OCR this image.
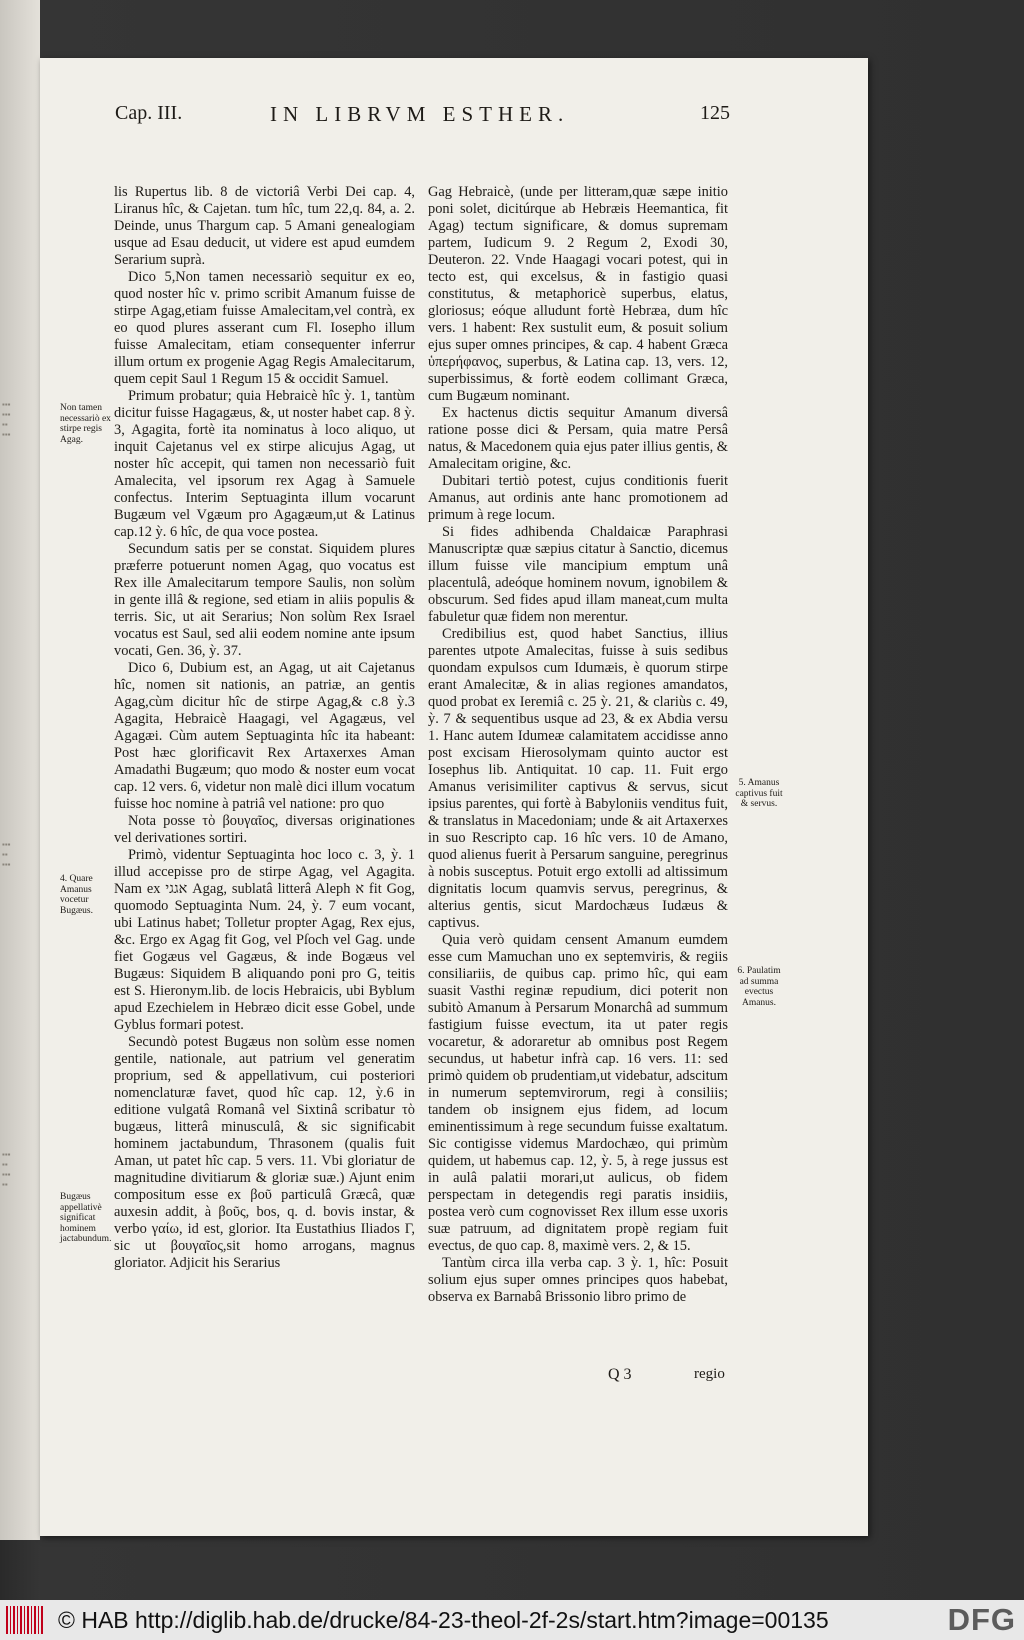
▪▪▪
▪▪▪
▪▪
▪▪▪
▪▪▪
▪▪
▪▪▪
▪▪▪
▪▪
▪▪▪
▪▪
Cap. III.	IN LIBRVM ESTHER.	125

lis Rupertus lib. 8 de victoriâ Verbi Dei cap. 4, Liranus hîc, & Cajetan. tum hîc, tum 22,q. 84, a. 2. Deinde, unus Thargum cap. 5 Amani genealogiam usque ad Esau deducit, ut videre est apud eumdem Serarium suprà.

Dico 5,Non tamen necessariò sequitur ex eo, quod noster hîc v. primo scribit Amanum fuisse de stirpe Agag,etiam fuisse Amalecitam,vel contrà, ex eo quod plures asserant cum Fl. Iosepho illum fuisse Amalecitam, etiam consequenter inferrur illum ortum ex progenie Agag Regis Amalecitarum, quem cepit Saul 1 Regum 15 & occidit Samuel.

Primum probatur; quia Hebraicè hîc ỳ. 1, tantùm dicitur fuisse Hagagæus, &, ut noster habet cap. 8 ỳ. 3, Agagita, fortè ita nominatus à loco aliquo, ut inquit Cajetanus vel ex stirpe alicujus Agag, ut noster hîc accepit, qui tamen non necessariò fuit Amalecita, vel ipsorum rex Agag à Samuele confectus. Interim Septuaginta illum vocarunt Bugæum vel Vgæum pro Agagæum,ut & Latinus cap.12 ỳ. 6 hîc, de qua voce postea.

Secundum satis per se constat. Siquidem plures præferre potuerunt nomen Agag, quo vocatus est Rex ille Amalecitarum tempore Saulis, non solùm in gente illâ & regione, sed etiam in aliis populis & terris. Sic, ut ait Serarius; Non solùm Rex Israel vocatus est Saul, sed alii eodem nomine ante ipsum vocati, Gen. 36, ỳ. 37.

Dico 6, Dubium est, an Agag, ut ait Cajetanus hîc, nomen sit nationis, an patriæ, an gentis Agag,cùm dicitur hîc de stirpe Agag,& c.8 ỳ.3 Agagita, Hebraicè Haagagi, vel Agagæus, vel Agagæi. Cùm autem Septuaginta hîc ita habeant: Post hæc glorificavit Rex Artaxerxes Aman Amadathi Bugæum; quo modo & noster eum vocat cap. 12 vers. 6, videtur non malè dici illum vocatum fuisse hoc nomine à patriâ vel natione: pro quo

Nota posse τὸ βουγαῖος, diversas originationes vel derivationes sortiri.

Primò, videntur Septuaginta hoc loco c. 3, ỳ. 1 illud accepisse pro de stirpe Agag, vel Agagita. Nam ex אגגי Agag, sublatâ litterâ Aleph א fit Gog, quomodo Septuaginta Num. 24, ỳ. 7 eum vocant, ubi Latinus habet; Tolletur propter Agag, Rex ejus, &c. Ergo ex Agag fit Gog, vel Pſoch vel Gag. unde fiet Gogæus vel Gagæus, & inde Bogæus vel Bugæus: Siquidem B aliquando poni pro G, teitis est S. Hieronym.lib. de locis Hebraicis, ubi Byblum apud Ezechielem in Hebræo dicit esse Gobel, unde Gyblus formari potest.

Secundò potest Bugæus non solùm esse nomen gentile, nationale, aut patrium vel generatim proprium, sed & appellativum, cui posteriori nomenclaturæ favet, quod hîc cap. 12, ỳ.6 in editione vulgatâ Romanâ vel Sixtinâ scribatur τὸ bugæus, litterâ minusculâ, & sic significabit hominem jactabundum, Thrasonem (qualis fuit Aman, ut patet hîc cap. 5 vers. 11. Vbi gloriatur de magnitudine divitiarum & gloriæ suæ.) Ajunt enim compositum esse ex βοῦ particulâ Græcâ, quæ auxesin addit, à βοῦς, bos, q. d. bovis instar, & verbo γαίω, id est, glorior. Ita Eustathius Iliados Γ, sic ut βουγαῖος,sit homo arrogans, magnus gloriator. Adjicit his Serarius

Gag Hebraicè, (unde per litteram,quæ sæpe initio poni solet, dicitúrque ab Hebræis Heemantica, fit Agag) tectum significare, & domus supremam partem, Iudicum 9. 2 Regum 2, Exodi 30, Deuteron. 22. Vnde Haagagi vocari potest, qui in tecto est, qui excelsus, & in fastigio quasi constitutus, & metaphoricè superbus, elatus, gloriosus; eóque alludunt fortè Hebræa, dum hîc vers. 1 habent: Rex sustulit eum, & posuit solium ejus super omnes principes, & cap. 4 habent Græca ὑπερήφανος, superbus, & Latina cap. 13, vers. 12, superbissimus, & fortè eodem collimant Græca, cum Bugæum nominant.

Ex hactenus dictis sequitur Amanum diversâ ratione posse dici & Persam, quia matre Persâ natus, & Macedonem quia ejus pater illius gentis, & Amalecitam origine, &c.

Dubitari tertiò potest, cujus conditionis fuerit Amanus, aut ordinis ante hanc promotionem ad primum à rege locum.

Si fides adhibenda Chaldaicæ Paraphrasi Manuscriptæ quæ sæpius citatur à Sanctio, dicemus illum fuisse vile mancipium emptum unâ placentulâ, adeóque hominem novum, ignobilem & obscurum. Sed fides apud illam maneat,cum multa fabuletur quæ fidem non merentur.

Credibilius est, quod habet Sanctius, illius parentes utpote Amalecitas, fuisse à suis sedibus quondam expulsos cum Idumæis, è quorum stirpe erant Amalecitæ, & in alias regiones amandatos, quod probat ex Ieremiâ c. 25 ỳ. 21, & clariùs c. 49, ỳ. 7 & sequentibus usque ad 23, & ex Abdia versu 1. Hanc autem Idumeæ calamitatem accidisse anno post excisam Hierosolymam quinto auctor est Iosephus lib. Antiquitat. 10 cap. 11. Fuit ergo Amanus verisimiliter captivus & servus, sicut ipsius parentes, qui fortè à Babyloniis venditus fuit, & translatus in Macedoniam; unde & ait Artaxerxes in suo Rescripto cap. 16 hîc vers. 10 de Amano, quod alienus fuerit à Persarum sanguine, peregrinus à nobis susceptus. Potuit ergo extolli ad altissimum dignitatis locum quamvis servus, peregrinus, & alterius gentis, sicut Mardochæus Iudæus & captivus.

Quia verò quidam censent Amanum eumdem esse cum Mamuchan uno ex septemviris, & regiis consiliariis, de quibus cap. primo hîc, qui eam suasit Vasthi reginæ repudium, dici poterit non subitò Amanum à Persarum Monarchâ ad summum fastigium fuisse evectum, ita ut pater regis vocaretur, & adoraretur ab omnibus post Regem secundus, ut habetur infrà cap. 16 vers. 11: sed primò quidem ob prudentiam,ut videbatur, adscitum in numerum septemvirorum, regi à consiliis; tandem ob insignem ejus fidem, ad locum eminentissimum à rege secundum fuisse exaltatum. Sic contigisse videmus Mardochæo, qui primùm quidem, ut habemus cap. 12, ỳ. 5, à rege jussus est in aulâ palatii morari,ut aulicus, ob fidem perspectam in detegendis regi paratis insidiis, postea verò cum cognovisset Rex illum esse uxoris suæ patruum, ad dignitatem propè regiam fuit evectus, de quo cap. 8, maximè vers. 2, & 15.

Tantùm circa illa verba cap. 3 ỳ. 1, hîc: Posuit solium ejus super omnes principes quos habebat, observa ex Barnabâ Brissonio libro primo de

Non tamen necessariò ex stirpe regis Agag.
4. Quare Amanus vocetur Bugæus.
Bugæus appellativè significat hominem jactabundum.
5. Amanus captivus fuit & servus.
6. Paulatim ad summa evectus Amanus.
Q 3	regio
© HAB http://diglib.hab.de/drucke/84-23-theol-2f-2s/start.htm?image=00135	DFG
